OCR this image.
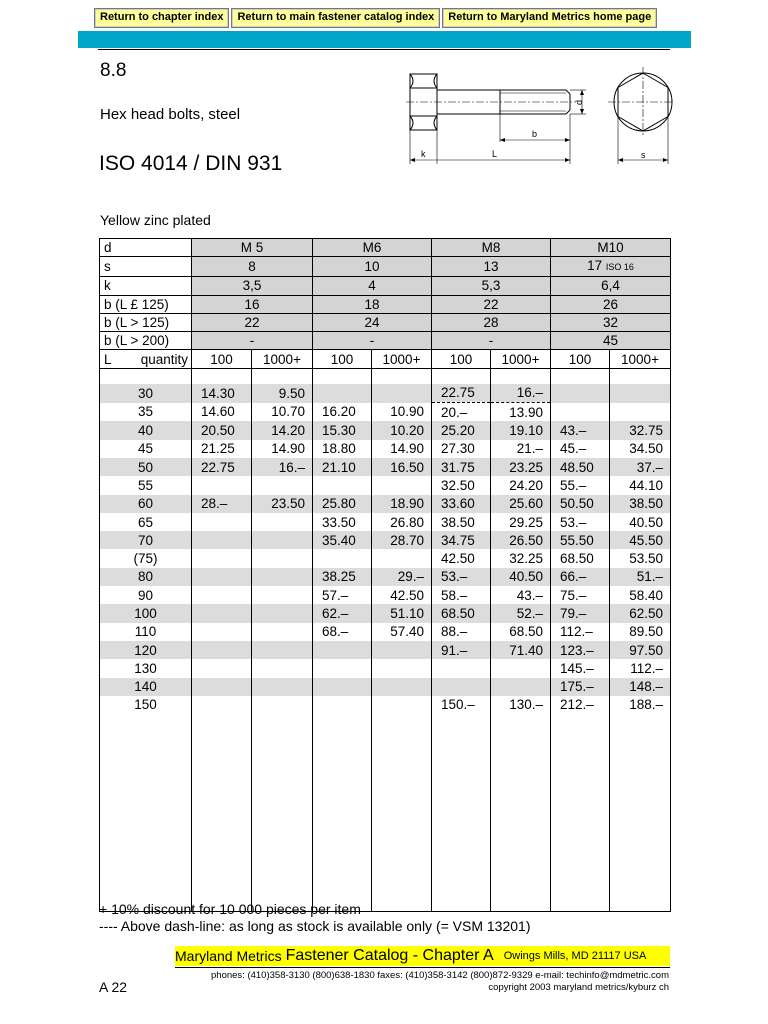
Return to chapter index	Return to main fastener catalog index	Return to Maryland Metrics home page
8.8
Hex head bolts, steel
ISO 4014 / DIN 931
Yellow zinc plated
d
b
k	L	s
d	M 5		M6		M8		M10	
s	8		10		13		17 ISO 16	
k	3,5		4		5,3		6,4	
b (L £ 125)	16		18		22		26	
b (L > 125)	22		24		28		32	
b (L > 200)	-		-		-		45	
L quantity	100	1000+	100	1000+	100	1000+	100	1000+

30	14.30	9.50			22.75	16.–		
35	14.60	10.70	16.20	10.90	20.–	13.90		
40	20.50	14.20	15.30	10.20	25.20	19.10	43.–	32.75
45	21.25	14.90	18.80	14.90	27.30	21.–	45.–	34.50
50	22.75	16.–	21.10	16.50	31.75	23.25	48.50	37.–
55					32.50	24.20	55.–	44.10
60	28.–	23.50	25.80	18.90	33.60	25.60	50.50	38.50
65			33.50	26.80	38.50	29.25	53.–	40.50
70			35.40	28.70	34.75	26.50	55.50	45.50
(75)					42.50	32.25	68.50	53.50
80			38.25	29.–	53.–	40.50	66.–	51.–
90			57.–	42.50	58.–	43.–	75.–	58.40
100			62.–	51.10	68.50	52.–	79.–	62.50
110			68.–	57.40	88.–	68.50	112.–	89.50
120					91.–	71.40	123.–	97.50
130							145.–	112.–
140							175.–	148.–
150					150.–	130.–	212.–	188.–

+ 10% discount for 10 000 pieces per item
---- Above dash-line: as long as stock is available only (= VSM 13201)
Maryland Metrics Fastener Catalog - Chapter A Owings Mills, MD 21117 USA
phones: (410)358-3130 (800)638-1830 faxes: (410)358-3142 (800)872-9329 e-mail: techinfo@mdmetric.com
copyright 2003 maryland metrics/kyburz ch
A 22
